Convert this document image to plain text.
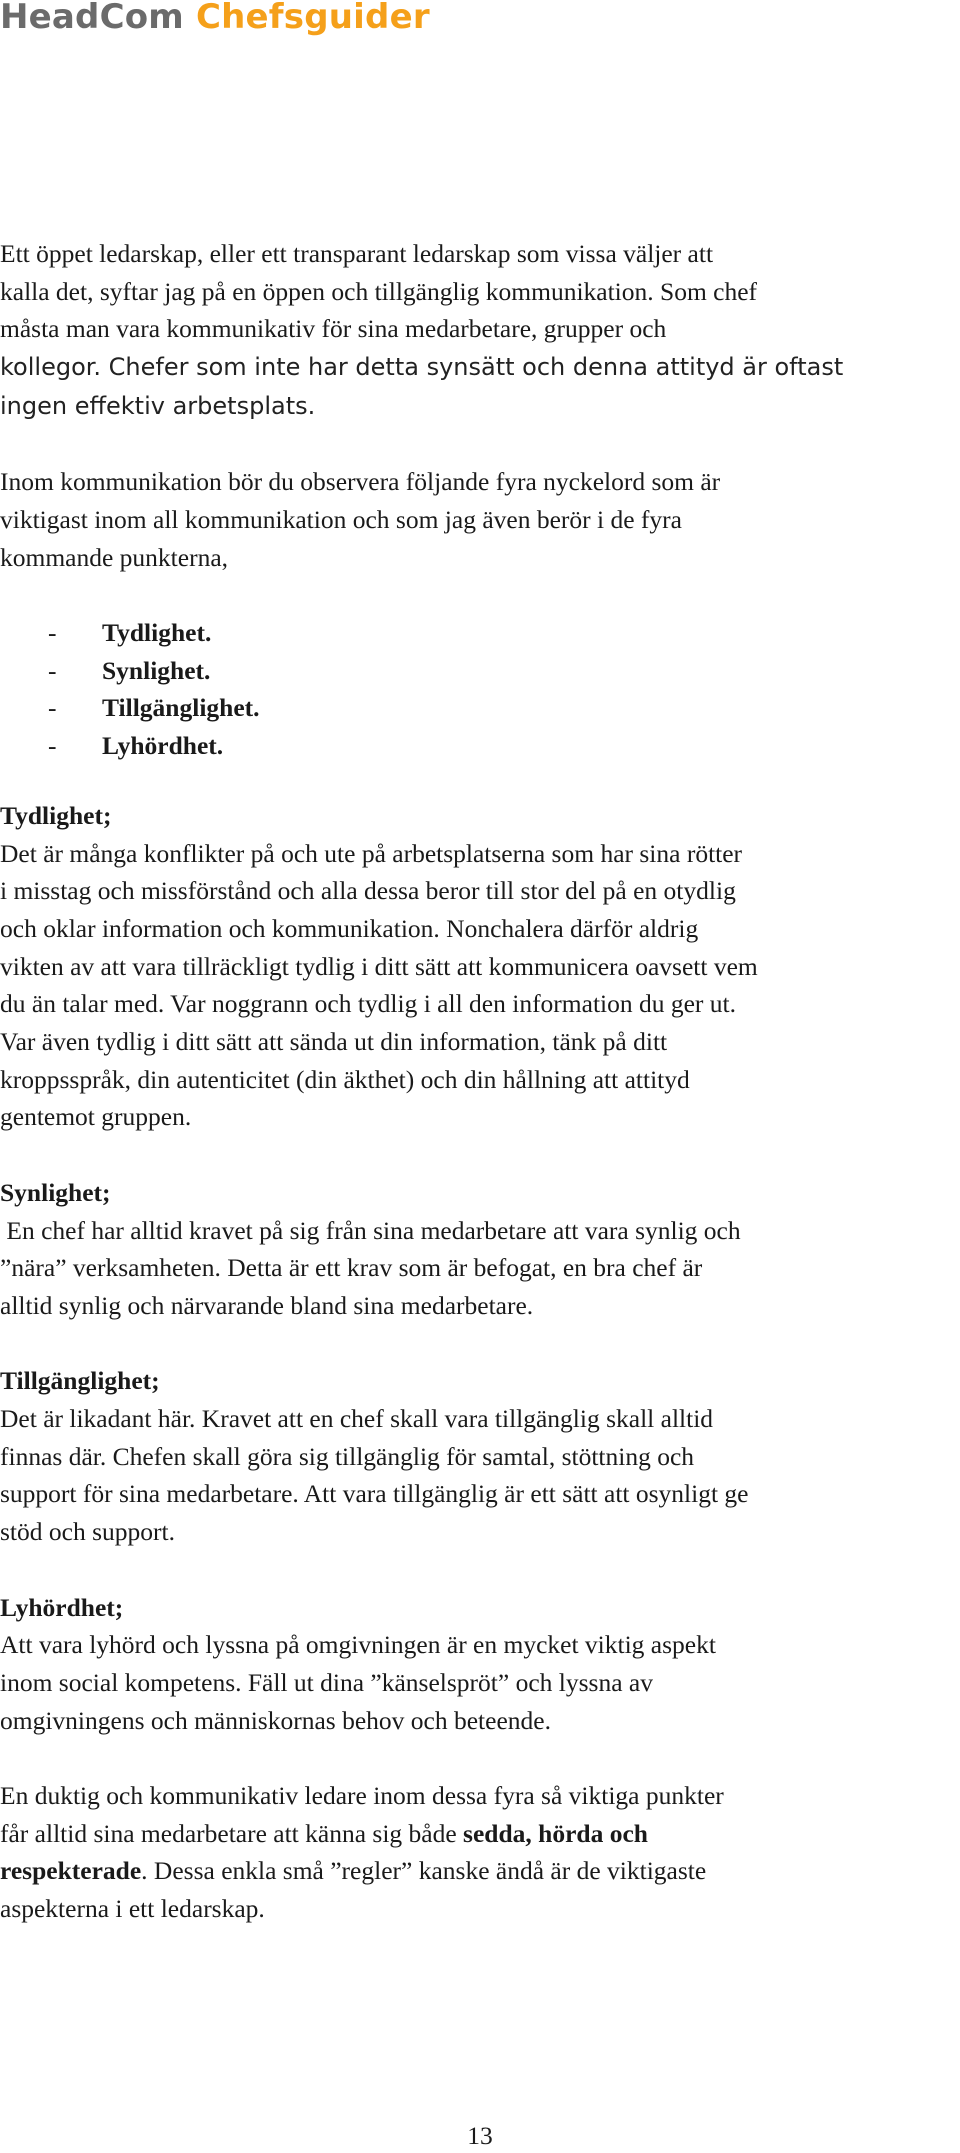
HeadCom Chefsguider

Ett öppet ledarskap, eller ett transparant ledarskap som vissa väljer att
kalla det, syftar jag på en öppen och tillgänglig kommunikation. Som chef
måsta man vara kommunikativ för sina medarbetare, grupper och
kollegor. Chefer som inte har detta synsätt och denna attityd är oftast
ingen effektiv arbetsplats.

Inom kommunikation bör du observera följande fyra nyckelord som är
viktigast inom all kommunikation och som jag även berör i de fyra
kommande punkterna,

- Tydlighet.
- Synlighet.
- Tillgänglighet.
- Lyhördhet.

Tydlighet;
Det är många konflikter på och ute på arbetsplatserna som har sina rötter
i misstag och missförstånd och alla dessa beror till stor del på en otydlig
och oklar information och kommunikation. Nonchalera därför aldrig
vikten av att vara tillräckligt tydlig i ditt sätt att kommunicera oavsett vem
du än talar med. Var noggrann och tydlig i all den information du ger ut.
Var även tydlig i ditt sätt att sända ut din information, tänk på ditt
kroppsspråk, din autenticitet (din äkthet) och din hållning att attityd
gentemot gruppen.

Synlighet;
En chef har alltid kravet på sig från sina medarbetare att vara synlig och
”nära” verksamheten. Detta är ett krav som är befogat, en bra chef är
alltid synlig och närvarande bland sina medarbetare.

Tillgänglighet;
Det är likadant här. Kravet att en chef skall vara tillgänglig skall alltid
finnas där. Chefen skall göra sig tillgänglig för samtal, stöttning och
support för sina medarbetare. Att vara tillgänglig är ett sätt att osynligt ge
stöd och support.

Lyhördhet;
Att vara lyhörd och lyssna på omgivningen är en mycket viktig aspekt
inom social kompetens. Fäll ut dina ”känselspröt” och lyssna av
omgivningens och människornas behov och beteende.

En duktig och kommunikativ ledare inom dessa fyra så viktiga punkter
får alltid sina medarbetare att känna sig både sedda, hörda och
respekterade. Dessa enkla små ”regler” kanske ändå är de viktigaste
aspekterna i ett ledarskap.

13
